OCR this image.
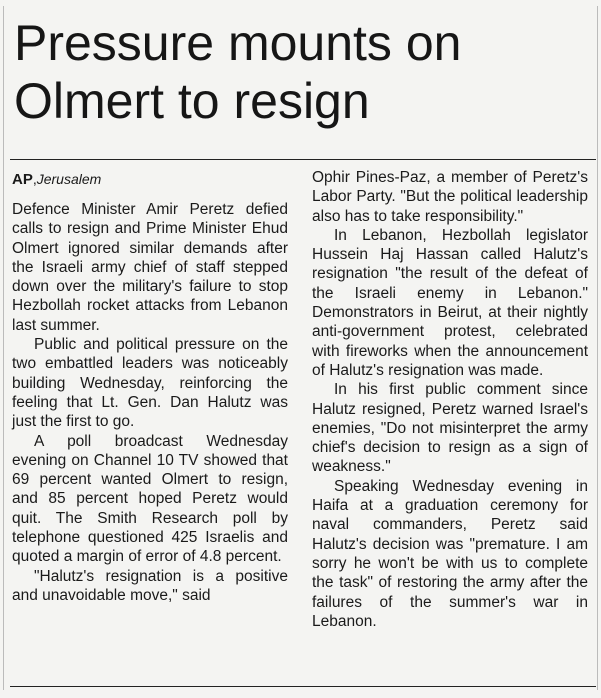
Pressure mounts on Olmert to resign
AP,Jerusalem

Defence Minister Amir Peretz defied calls to resign and Prime Minister Ehud Olmert ignored similar demands after the Israeli army chief of staff stepped down over the military's failure to stop Hezbollah rocket attacks from Lebanon last summer.

Public and political pressure on the two embattled leaders was noticeably building Wednesday, reinforcing the feeling that Lt. Gen. Dan Halutz was just the first to go.

A poll broadcast Wednesday evening on Channel 10 TV showed that 69 percent wanted Olmert to resign, and 85 percent hoped Peretz would quit. The Smith Research poll by telephone questioned 425 Israelis and quoted a margin of error of 4.8 percent.

"Halutz's resignation is a positive and unavoidable move," said

Ophir Pines-Paz, a member of Peretz's Labor Party. "But the political leadership also has to take responsibility."

In Lebanon, Hezbollah legislator Hussein Haj Hassan called Halutz's resignation "the result of the defeat of the Israeli enemy in Lebanon." Demonstrators in Beirut, at their nightly anti-government protest, celebrated with fireworks when the announcement of Halutz's resignation was made.

In his first public comment since Halutz resigned, Peretz warned Israel's enemies, "Do not misinterpret the army chief's decision to resign as a sign of weakness."

Speaking Wednesday evening in Haifa at a graduation ceremony for naval commanders, Peretz said Halutz's decision was "premature. I am sorry he won't be with us to complete the task" of restoring the army after the failures of the summer's war in Lebanon.
